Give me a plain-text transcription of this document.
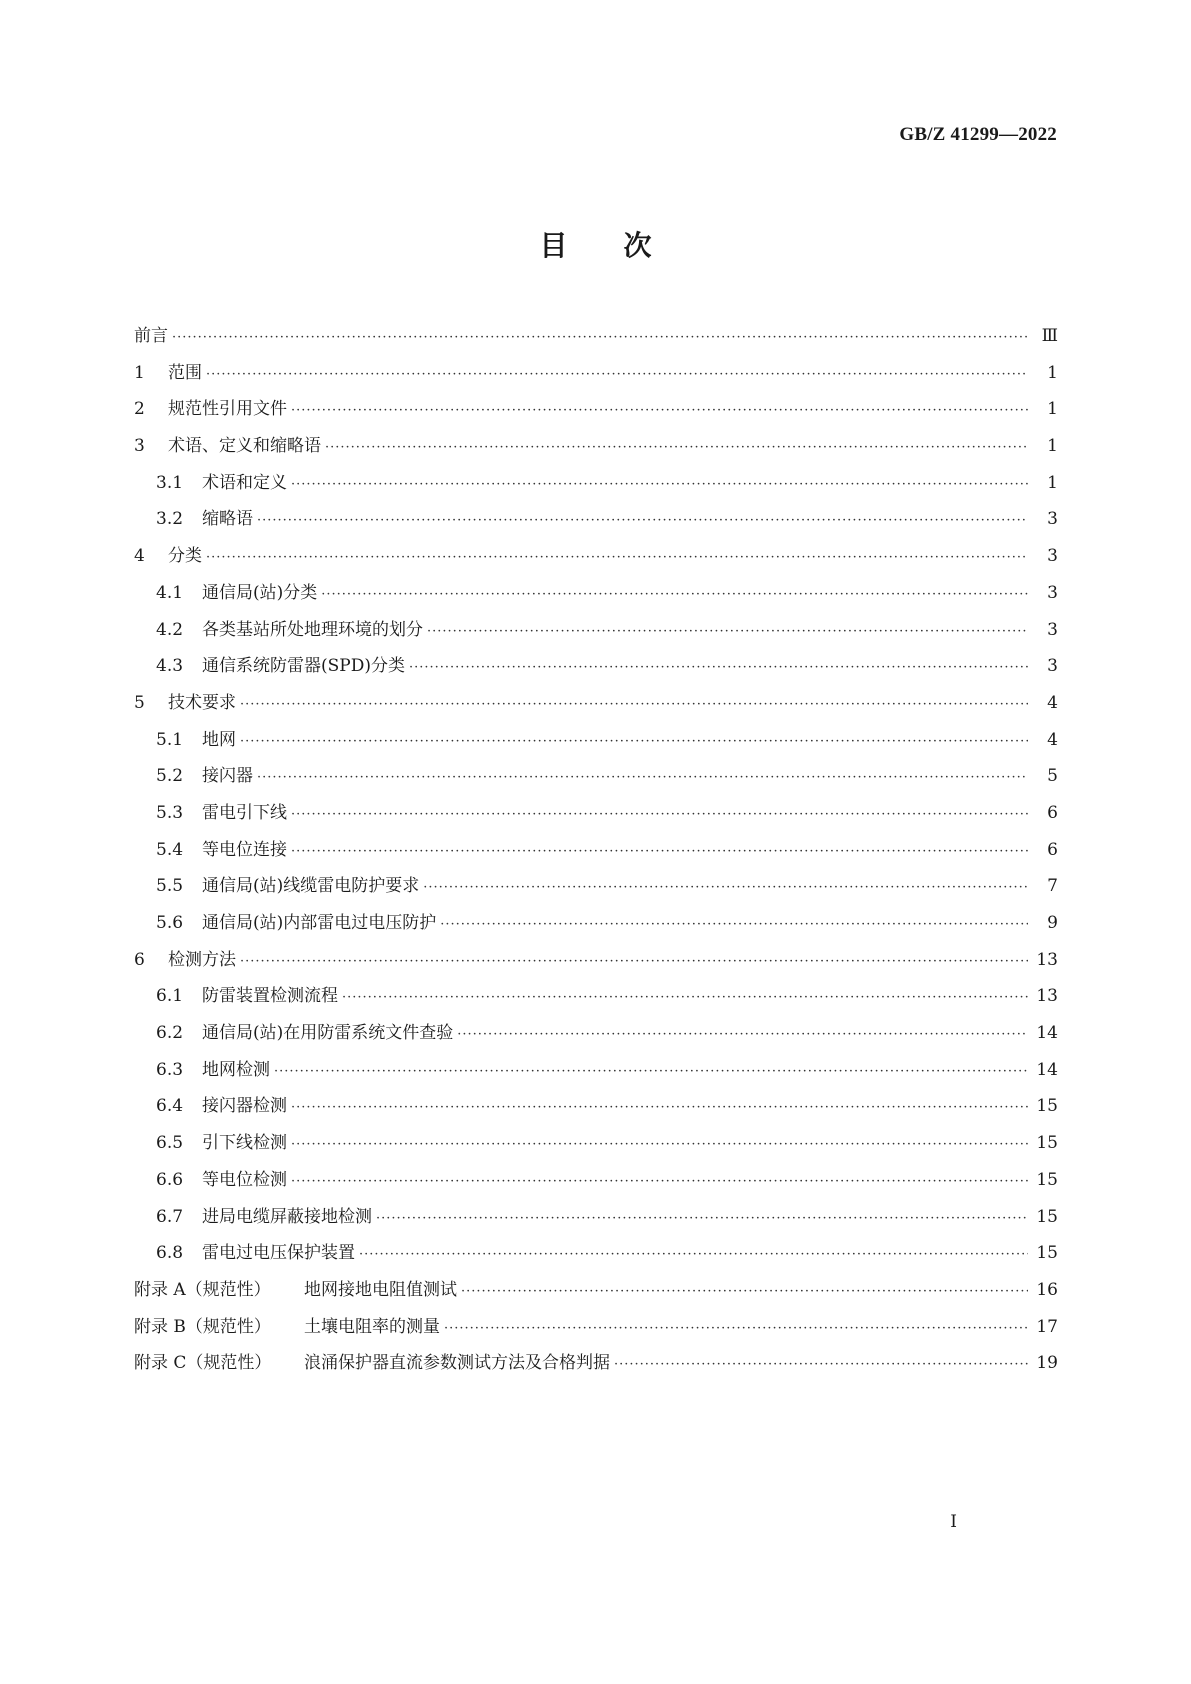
GB/Z 41299—2022
目 次
前言 ·····	Ⅲ
1	范围 ·····	1
2	规范性引用文件 ·····	1
3	术语、定义和缩略语 ·····	1
3.1	术语和定义 ·····	1
3.2	缩略语 ·····	3
4	分类 ·····	3
4.1	通信局(站)分类 ·····	3
4.2	各类基站所处地理环境的划分 ·····	3
4.3	通信系统防雷器(SPD)分类 ·····	3
5	技术要求 ·····	4
5.1	地网 ·····	4
5.2	接闪器 ·····	5
5.3	雷电引下线 ·····	6
5.4	等电位连接 ·····	6
5.5	通信局(站)线缆雷电防护要求 ·····	7
5.6	通信局(站)内部雷电过电压防护 ·····	9
6	检测方法 ·····	13
6.1	防雷装置检测流程 ·····	13
6.2	通信局(站)在用防雷系统文件查验 ·····	14
6.3	地网检测 ·····	14
6.4	接闪器检测 ·····	15
6.5	引下线检测 ·····	15
6.6	等电位检测 ·····	15
6.7	进局电缆屏蔽接地检测 ·····	15
6.8	雷电过电压保护装置 ·····	15
附录 A（规范性）	地网接地电阻值测试 ·····	16
附录 B（规范性）	土壤电阻率的测量 ·····	17
附录 C（规范性）	浪涌保护器直流参数测试方法及合格判据 ·····	19
I
